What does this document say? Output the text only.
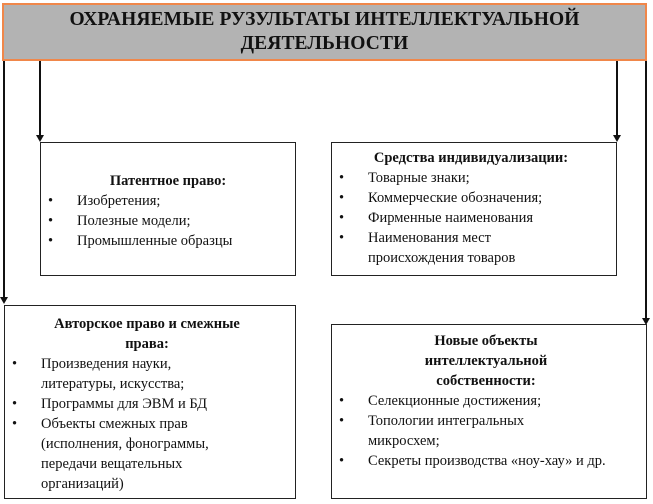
ОХРАНЯЕМЫЕ РУЗУЛЬТАТЫ ИНТЕЛЛЕКТУАЛЬНОЙ
ДЕЯТЕЛЬНОСТИ
Патентное право:
• Изобретения;
• Полезные модели;
• Промышленные образцы
Средства индивидуализации:
• Товарные знаки;
• Коммерческие обозначения;
• Фирменные наименования
• Наименования мест происхождения товаров
Авторское право и смежные права:
• Произведения науки, литературы, искусства;
• Программы для ЭВМ и БД
• Объекты смежных прав (исполнения, фонограммы, передачи вещательных организаций)
Новые объекты интеллектуальной собственности:
• Селекционные достижения;
• Топологии интегральных микросхем;
• Секреты производства «ноу-хау» и др.
